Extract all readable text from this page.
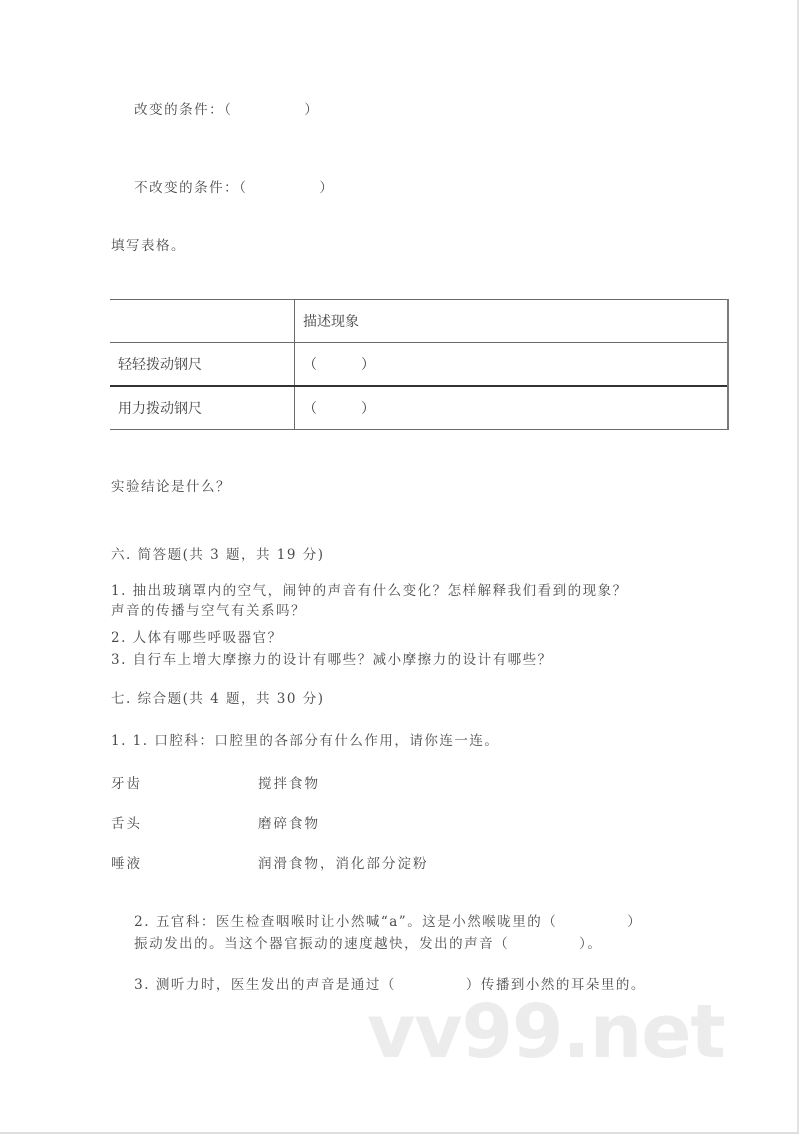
改变的条件：（	）

不改变的条件：（	）

填写表格。
	描述现象
轻轻拨动钢尺	（ ）
用力拨动钢尺	（ ）
实验结论是什么？
六. 简答题(共 3 题，共 19 分)
1. 抽出玻璃罩内的空气，闹钟的声音有什么变化？怎样解释我们看到的现象？
声音的传播与空气有关系吗？
2. 人体有哪些呼吸器官？
3. 自行车上增大摩擦力的设计有哪些？减小摩擦力的设计有哪些？
七. 综合题(共 4 题，共 30 分)
1. 1. 口腔科：口腔里的各部分有什么作用，请你连一连。
牙齿	搅拌食物
舌头	磨碎食物
唾液	润滑食物，消化部分淀粉

2. 五官科：医生检查咽喉时让小然喊“a”。这是小然喉咙里的（	）

振动发出的。当这个器官振动的速度越快，发出的声音（	）。

3. 测听力时，医生发出的声音是通过（	）传播到小然的耳朵里的。

vv99.net
